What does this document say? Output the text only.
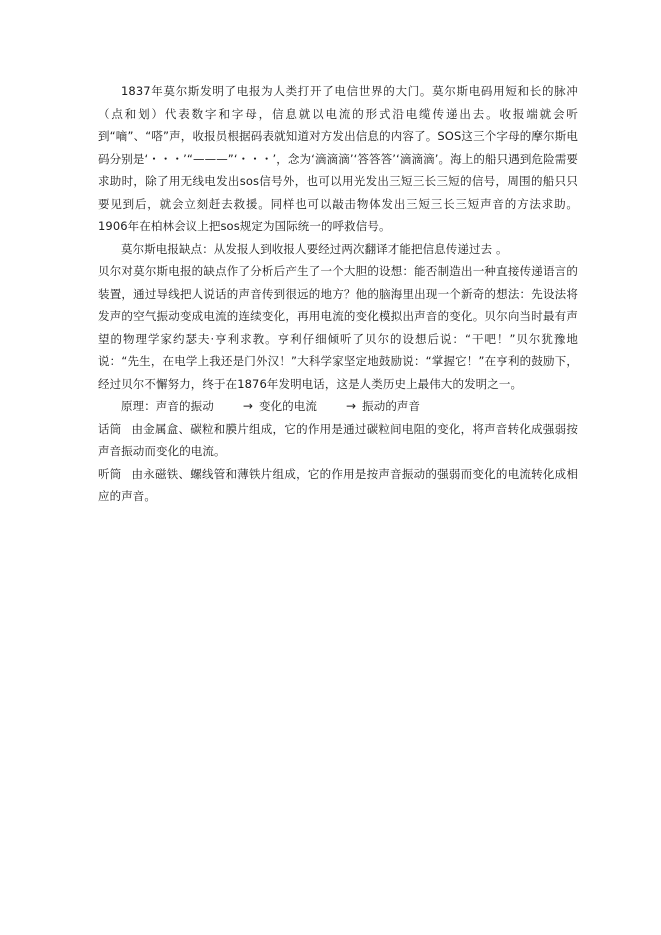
1837年莫尔斯发明了电报为人类打开了电信世界的大门。莫尔斯电码用短和长的脉冲（点和划）代表数字和字母，信息就以电流的形式沿电缆传递出去。收报端就会听到“嘀”、“嗒”声，收报员根据码表就知道对方发出信息的内容了。SOS这三个字母的摩尔斯电码分别是‘・・・’“———”‘・・・’，念为‘滴滴滴’‘答答答’‘滴滴滴’。海上的船只遇到危险需要求助时，除了用无线电发出sos信号外，也可以用光发出三短三长三短的信号，周围的船只只要见到后，就会立刻赶去救援。同样也可以敲击物体发出三短三长三短声音的方法求助。1906年在柏林会议上把sos规定为国际统一的呼救信号。

莫尔斯电报缺点：从发报人到收报人要经过两次翻译才能把信息传递过去 。

贝尔对莫尔斯电报的缺点作了分析后产生了一个大胆的设想：能否制造出一种直接传递语言的装置，通过导线把人说话的声音传到很远的地方？他的脑海里出现一个新奇的想法：先设法将发声的空气振动变成电流的连续变化，再用电流的变化模拟出声音的变化。贝尔向当时最有声望的物理学家约瑟夫·亨利求教。亨利仔细倾听了贝尔的设想后说：“干吧！”贝尔犹豫地说：“先生，在电学上我还是门外汉！”大科学家坚定地鼓励说：“掌握它！”在亨利的鼓励下，经过贝尔不懈努力，终于在1876年发明电话，这是人类历史上最伟大的发明之一。

原理：声音的振动 → 变化的电流 → 振动的声音

话筒 由金属盒、碳粒和膜片组成，它的作用是通过碳粒间电阻的变化，将声音转化成强弱按声音振动而变化的电流。

听筒 由永磁铁、螺线管和薄铁片组成，它的作用是按声音振动的强弱而变化的电流转化成相应的声音。
